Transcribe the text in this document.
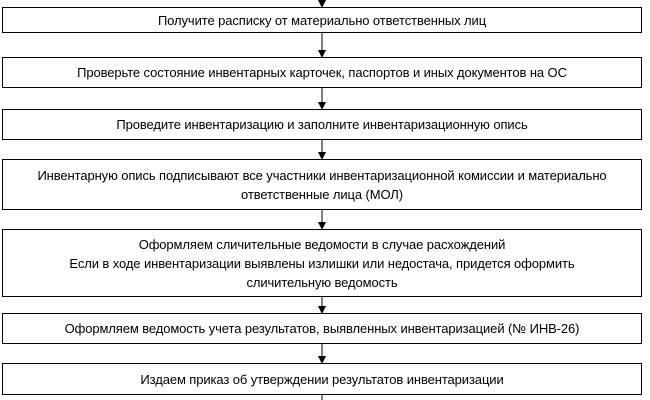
Получите расписку от материально ответственных лиц
Проверьте состояние инвентарных карточек, паспортов и иных документов на ОС
Проведите инвентаризацию и заполните инвентаризационную опись
Инвентарную опись подписывают все участники инвентаризационной комиссии и материально
ответственные лица (МОЛ)
Оформляем сличительные ведомости в случае расхождений
Если в ходе инвентаризации выявлены излишки или недостача, придется оформить
сличительную ведомость
Оформляем ведомость учета результатов, выявленных инвентаризацией (№ ИНВ-26)
Издаем приказ об утверждении результатов инвентаризации
